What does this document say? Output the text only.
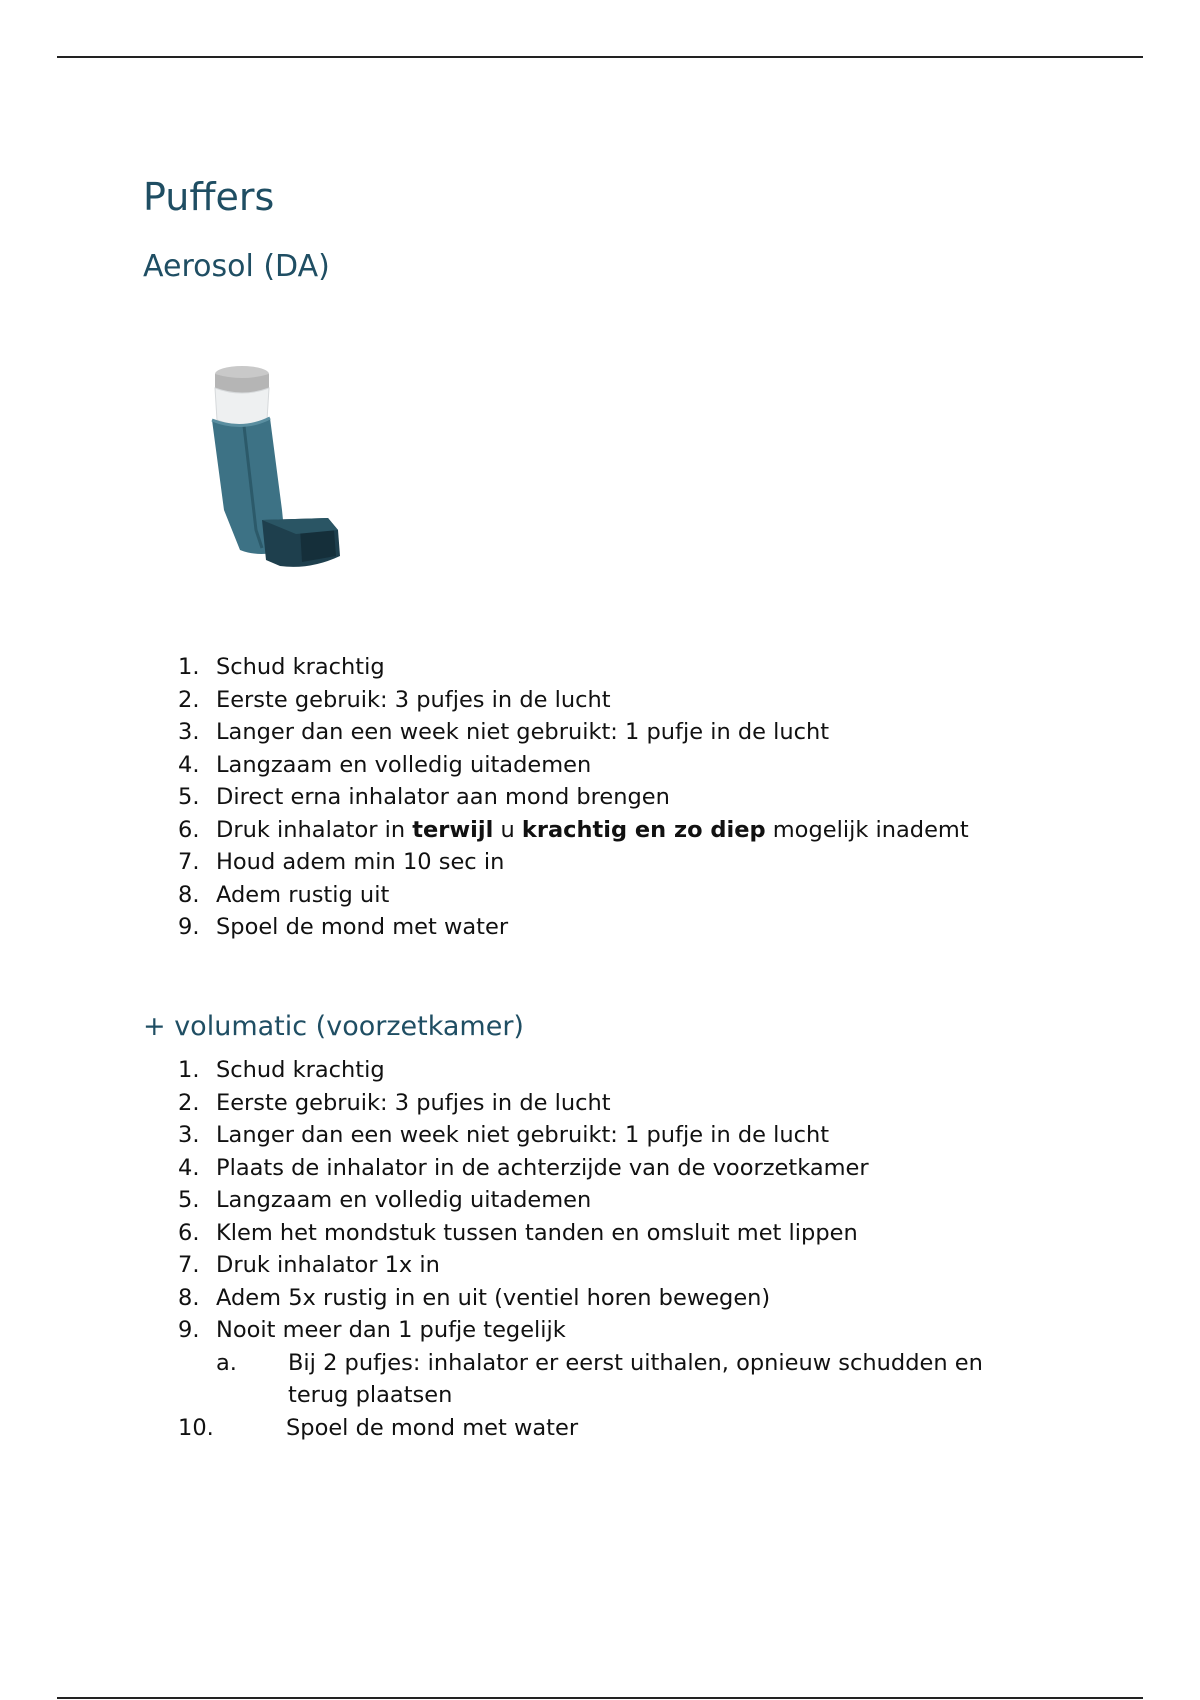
Puffers
Aerosol (DA)
1. Schud krachtig
2. Eerste gebruik: 3 pufjes in de lucht
3. Langer dan een week niet gebruikt: 1 pufje in de lucht
4. Langzaam en volledig uitademen
5. Direct erna inhalator aan mond brengen
6. Druk inhalator in terwijl u krachtig en zo diep mogelijk inademt
7. Houd adem min 10 sec in
8. Adem rustig uit
9. Spoel de mond met water
+ volumatic (voorzetkamer)
1. Schud krachtig
2. Eerste gebruik: 3 pufjes in de lucht
3. Langer dan een week niet gebruikt: 1 pufje in de lucht
4. Plaats de inhalator in de achterzijde van de voorzetkamer
5. Langzaam en volledig uitademen
6. Klem het mondstuk tussen tanden en omsluit met lippen
7. Druk inhalator 1x in
8. Adem 5x rustig in en uit (ventiel horen bewegen)
9. Nooit meer dan 1 pufje tegelijk
a. Bij 2 pufjes: inhalator er eerst uithalen, opnieuw schudden en terug plaatsen
10.	Spoel de mond met water
